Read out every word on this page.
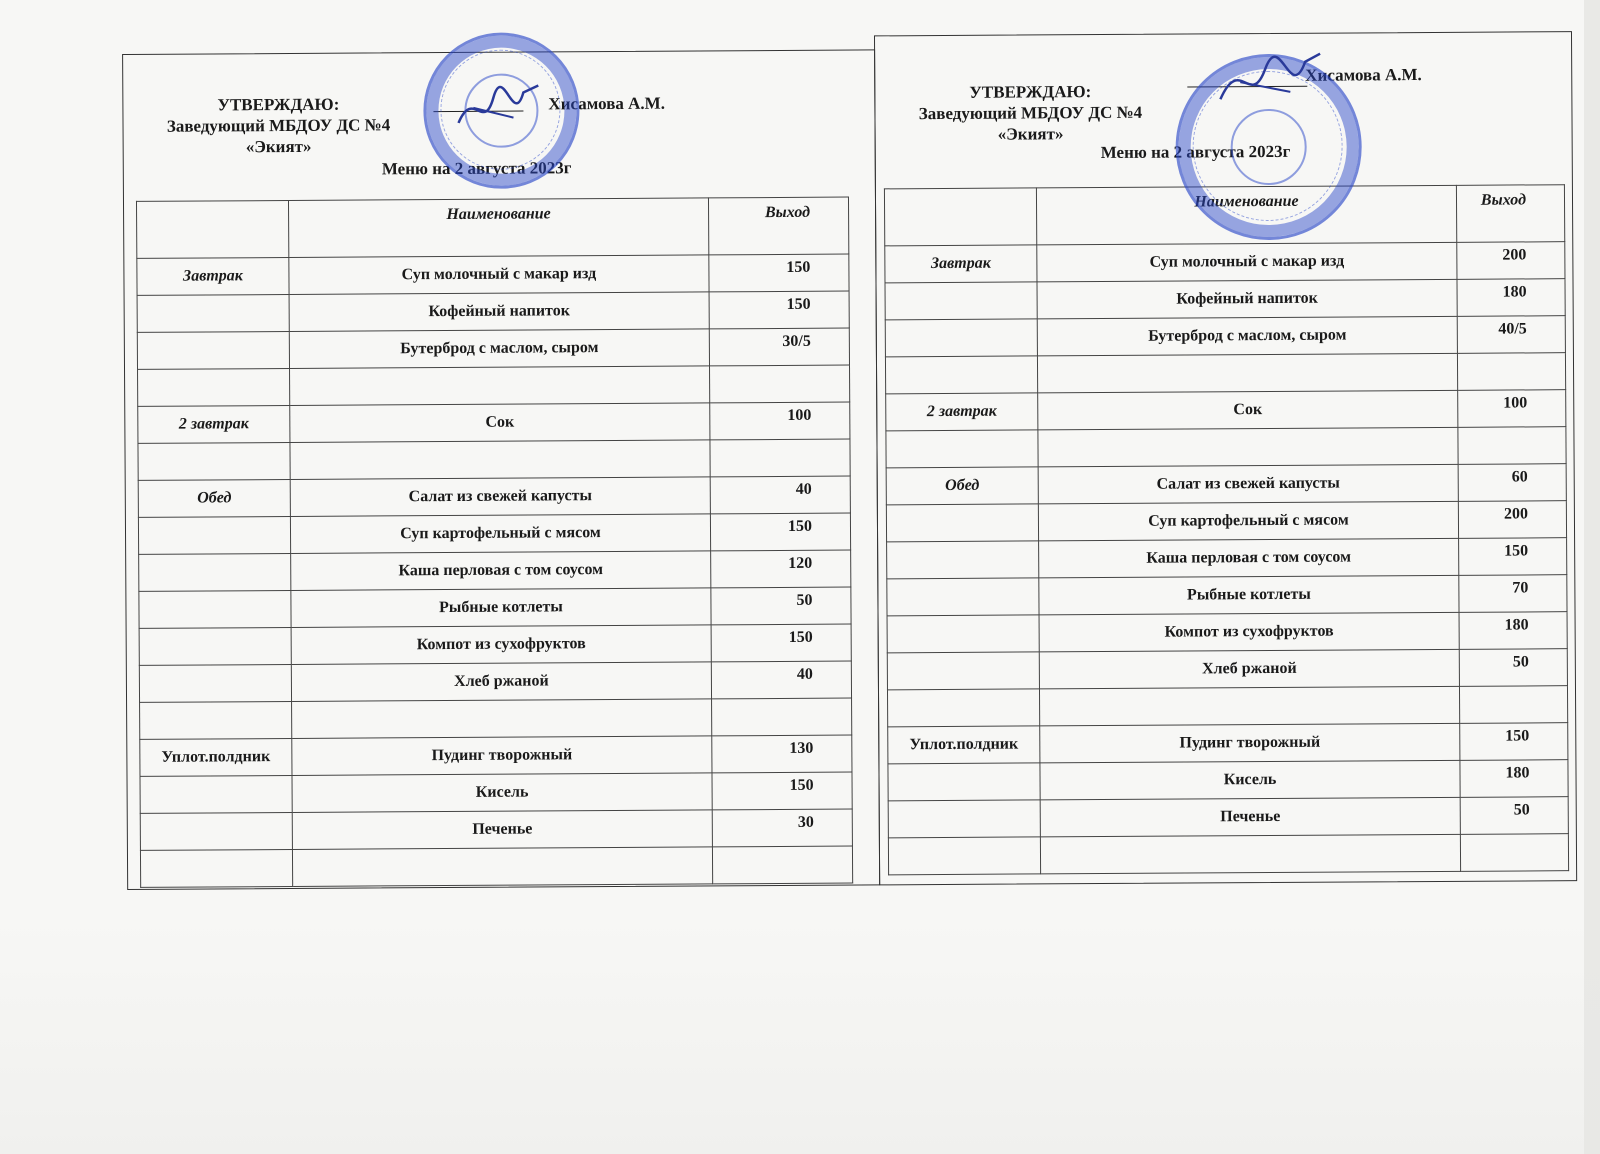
УТВЕРЖДАЮ:
Заведующий МБДОУ ДС №4
«Экият»
Хисамова А.М.
Меню на 2 августа 2023г
	Наименование	Выход
Завтрак	Суп молочный с макар изд	150
	Кофейный напиток	150
	Бутерброд с маслом, сыром	30/5

2 завтрак	Сок	100

Обед	Салат из свежей капусты	40
	Суп картофельный с мясом	150
	Каша перловая с том соусом	120
	Рыбные котлеты	50
	Компот из сухофруктов	150
	Хлеб ржаной	40

Уплот.полдник	Пудинг творожный	130
	Кисель	150
	Печенье	30

УТВЕРЖДАЮ:
Заведующий МБДОУ ДС №4
«Экият»
Хисамова А.М.
Меню на 2 августа 2023г
	Наименование	Выход
Завтрак	Суп молочный с макар изд	200
	Кофейный напиток	180
	Бутерброд с маслом, сыром	40/5

2 завтрак	Сок	100

Обед	Салат из свежей капусты	60
	Суп картофельный с мясом	200
	Каша перловая с том соусом	150
	Рыбные котлеты	70
	Компот из сухофруктов	180
	Хлеб ржаной	50

Уплот.полдник	Пудинг творожный	150
	Кисель	180
	Печенье	50
